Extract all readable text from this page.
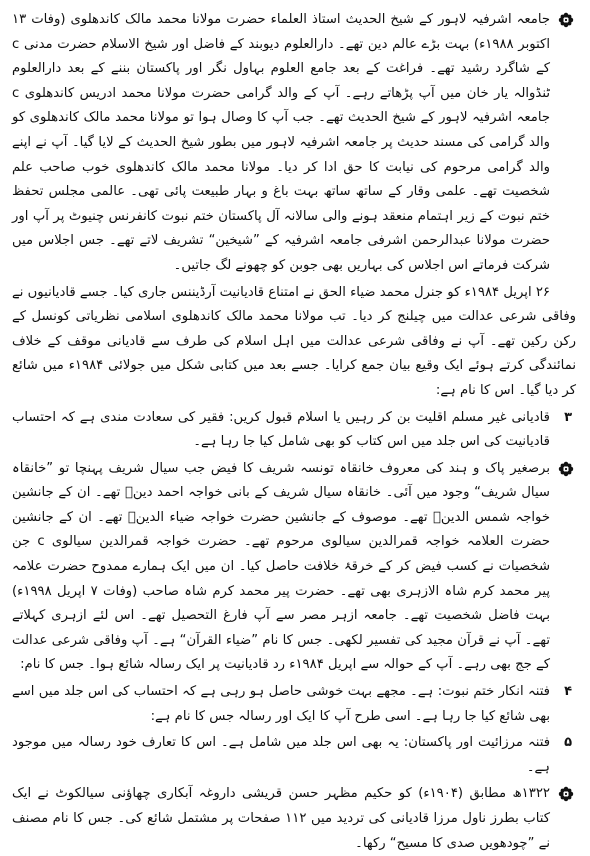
جامعہ اشرفیہ لاہور کے شیخ الحدیث استاذ العلماء حضرت مولانا محمد مالک کاندھلوی (وفات ۱۳ اکتوبر ۱۹۸۸ء) بہت بڑے عالم دین تھے۔ دارالعلوم دیوبند کے فاضل اور شیخ الاسلام حضرت مدنی c کے شاگرد رشید تھے۔ فراغت کے بعد جامع العلوم بہاول نگر اور پاکستان بننے کے بعد دارالعلوم ٹنڈوالہ یار خان میں آپ پڑھاتے رہے۔ آپ کے والد گرامی حضرت مولانا محمد ادریس کاندھلوی c جامعہ اشرفیہ لاہور کے شیخ الحدیث تھے۔ جب آپ کا وصال ہوا تو مولانا محمد مالک کاندھلوی کو والد گرامی کی مسند حدیث پر جامعہ اشرفیہ لاہور میں بطور شیخ الحدیث کے لایا گیا۔ آپ نے اپنے والد گرامی مرحوم کی نیابت کا حق ادا کر دیا۔ مولانا محمد مالک کاندھلوی خوب صاحب علم شخصیت تھے۔ علمی وقار کے ساتھ ساتھ بہت باغ و بہار طبیعت پائی تھی۔ عالمی مجلس تحفظ ختم نبوت کے زیر اہتمام منعقد ہونے والی سالانہ آل پاکستان ختم نبوت کانفرنس چنیوٹ پر آپ اور حضرت مولانا عبدالرحمن اشرفی جامعہ اشرفیہ کے ”شیخین“ تشریف لاتے تھے۔ جس اجلاس میں شرکت فرماتے اس اجلاس کی بہاریں بھی جوبن کو چھونے لگ جاتیں۔

۲۶ اپریل ۱۹۸۴ء کو جنرل محمد ضیاء الحق نے امتناع قادیانیت آرڈیننس جاری کیا۔ جسے قادیانیوں نے وفاقی شرعی عدالت میں چیلنج کر دیا۔ تب مولانا محمد مالک کاندھلوی اسلامی نظریاتی کونسل کے رکن رکین تھے۔ آپ نے وفاقی شرعی عدالت میں اہل اسلام کی طرف سے قادیانی موقف کے خلاف نمائندگی کرتے ہوئے ایک وقیع بیان جمع کرایا۔ جسے بعد میں کتابی شکل میں جولائی ۱۹۸۴ء میں شائع کر دیا گیا۔ اس کا نام ہے:

۳
قادیانی غیر مسلم اقلیت بن کر رہیں یا اسلام قبول کریں: فقیر کی سعادت مندی ہے کہ احتساب قادیانیت کی اس جلد میں اس کتاب کو بھی شامل کیا جا رہا ہے۔

برصغیر پاک و ہند کی معروف خانقاہ تونسہ شریف کا فیض جب سیال شریف پہنچا تو ”خانقاہ سیال شریف“ وجود میں آئی۔ خانقاہ سیال شریف کے بانی خواجہ احمد دینؒ تھے۔ ان کے جانشین خواجہ شمس الدینؒ تھے۔ موصوف کے جانشین حضرت خواجہ ضیاء الدینؒ تھے۔ ان کے جانشین حضرت العلامہ خواجہ قمرالدین سیالوی مرحوم تھے۔ حضرت خواجہ قمرالدین سیالوی c جن شخصیات نے کسب فیض کر کے خرقۂ خلافت حاصل کیا۔ ان میں ایک ہمارے ممدوح حضرت علامہ پیر محمد کرم شاہ الازہری بھی تھے۔ حضرت پیر محمد کرم شاہ صاحب (وفات ۷ اپریل ۱۹۹۸ء) بہت فاضل شخصیت تھے۔ جامعہ ازہر مصر سے آپ فارغ التحصیل تھے۔ اس لئے ازہری کہلاتے تھے۔ آپ نے قرآن مجید کی تفسیر لکھی۔ جس کا نام ”ضیاء القرآن“ ہے۔ آپ وفاقی شرعی عدالت کے جج بھی رہے۔ آپ کے حوالہ سے اپریل ۱۹۸۴ء رد قادیانیت پر ایک رسالہ شائع ہوا۔ جس کا نام:

۴
فتنہ انکار ختم نبوت: ہے۔ مجھے بہت خوشی حاصل ہو رہی ہے کہ احتساب کی اس جلد میں اسے بھی شائع کیا جا رہا ہے۔ اسی طرح آپ کا ایک اور رسالہ جس کا نام ہے:

۵
فتنہ مرزائیت اور پاکستان: یہ بھی اس جلد میں شامل ہے۔ اس کا تعارف خود رسالہ میں موجود ہے۔

۱۳۲۲ھ مطابق (۱۹۰۴ء) کو حکیم مظہر حسن قریشی داروغہ آبکاری چھاؤنی سیالکوٹ نے ایک کتاب بطرز ناول مرزا قادیانی کی تردید میں ۱۱۲ صفحات پر مشتمل شائع کی۔ جس کا نام مصنف نے ”چودھویں صدی کا مسیح“ رکھا۔
